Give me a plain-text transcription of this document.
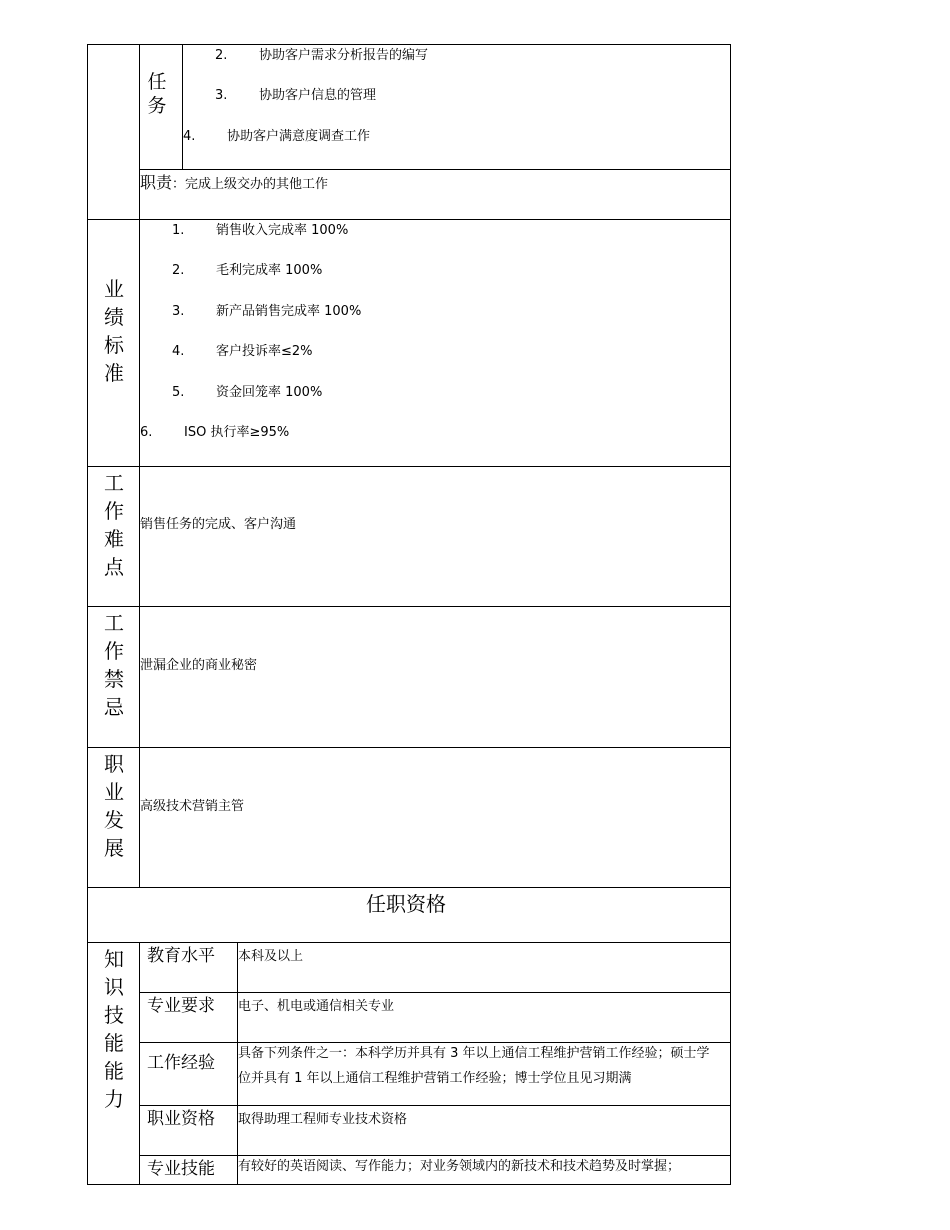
任
务
2. 协助客户需求分析报告的编写
3. 协助客户信息的管理
4. 协助客户满意度调查工作
职责：完成上级交办的其他工作
业
绩
标
准
1. 销售收入完成率 100%
2. 毛利完成率 100%
3. 新产品销售完成率 100%
4. 客户投诉率≤2%
5. 资金回笼率 100%
6. ISO 执行率≥95%
工
作
难
点
销售任务的完成、客户沟通
工
作
禁
忌
泄漏企业的商业秘密
职
业
发
展
高级技术营销主管
任职资格
知
识
技
能
能
力
教育水平 本科及以上
专业要求 电子、机电或通信相关专业
工作经验 具备下列条件之一：本科学历并具有 3 年以上通信工程维护营销工作经验；硕士学位并具有 1 年以上通信工程维护营销工作经验；博士学位且见习期满
职业资格 取得助理工程师专业技术资格
专业技能 有较好的英语阅读、写作能力；对业务领域内的新技术和技术趋势及时掌握；
